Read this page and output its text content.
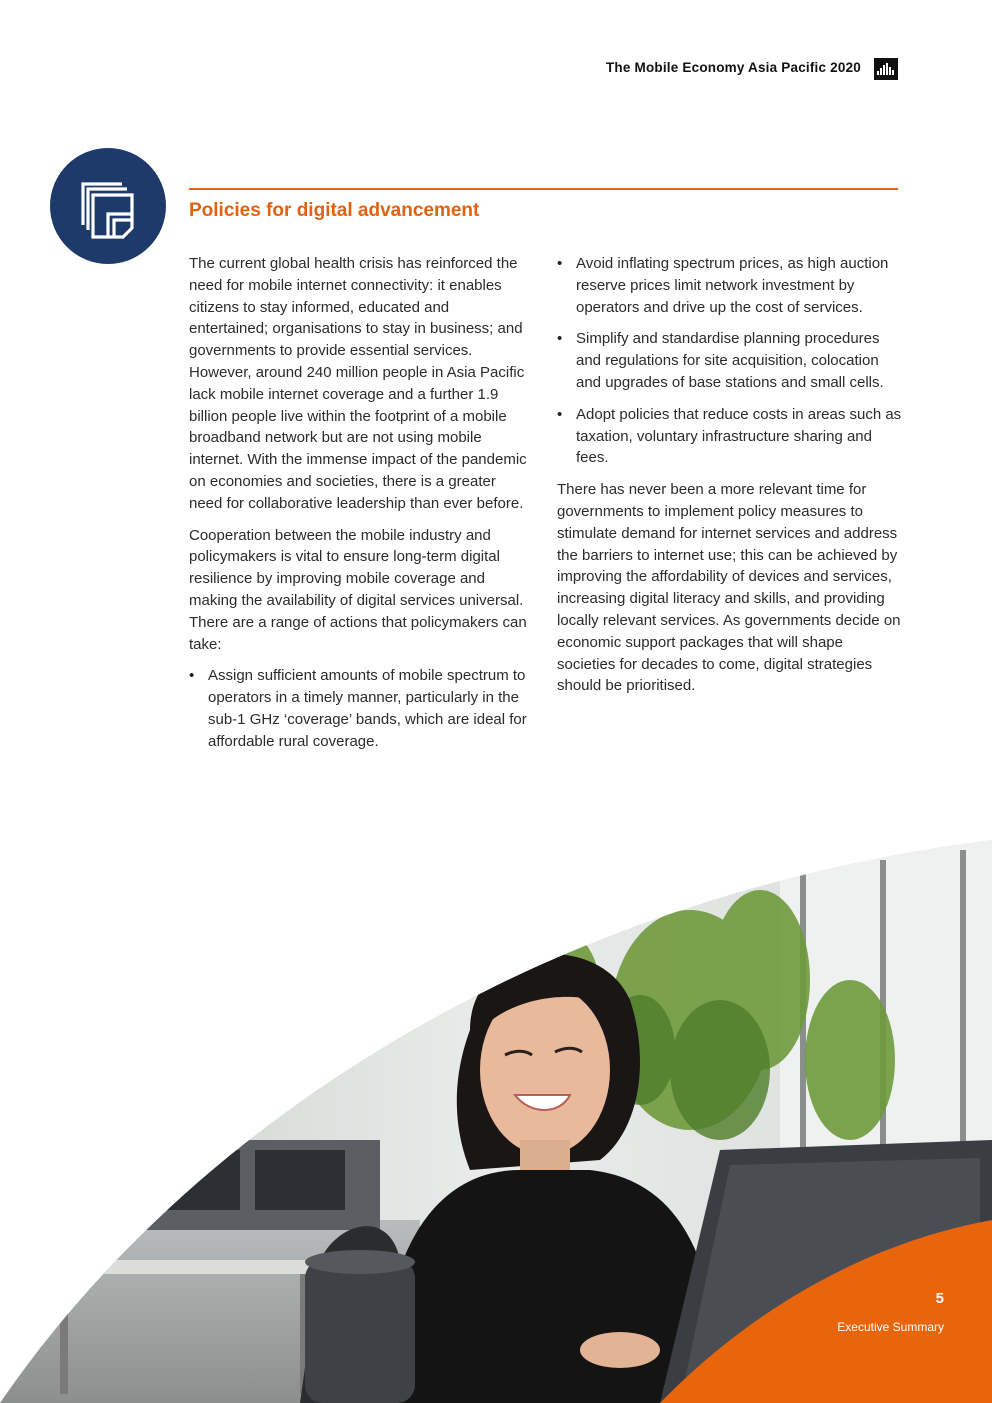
The Mobile Economy Asia Pacific 2020
Policies for digital advancement

The current global health crisis has reinforced the need for mobile internet connectivity: it enables citizens to stay informed, educated and entertained; organisations to stay in business; and governments to provide essential services. However, around 240 million people in Asia Pacific lack mobile internet coverage and a further 1.9 billion people live within the footprint of a mobile broadband network but are not using mobile internet. With the immense impact of the pandemic on economies and societies, there is a greater need for collaborative leadership than ever before.

Cooperation between the mobile industry and policymakers is vital to ensure long-term digital resilience by improving mobile coverage and making the availability of digital services universal. There are a range of actions that policymakers can take:

• Assign sufficient amounts of mobile spectrum to operators in a timely manner, particularly in the sub-1 GHz ‘coverage’ bands, which are ideal for affordable rural coverage.
• Avoid inflating spectrum prices, as high auction reserve prices limit network investment by operators and drive up the cost of services.
• Simplify and standardise planning procedures and regulations for site acquisition, colocation and upgrades of base stations and small cells.
• Adopt policies that reduce costs in areas such as taxation, voluntary infrastructure sharing and fees.

There has never been a more relevant time for governments to implement policy measures to stimulate demand for internet services and address the barriers to internet use; this can be achieved by improving the affordability of devices and services, increasing digital literacy and skills, and providing locally relevant services. As governments decide on economic support packages that will shape societies for decades to come, digital strategies should be prioritised.

5
Executive Summary
